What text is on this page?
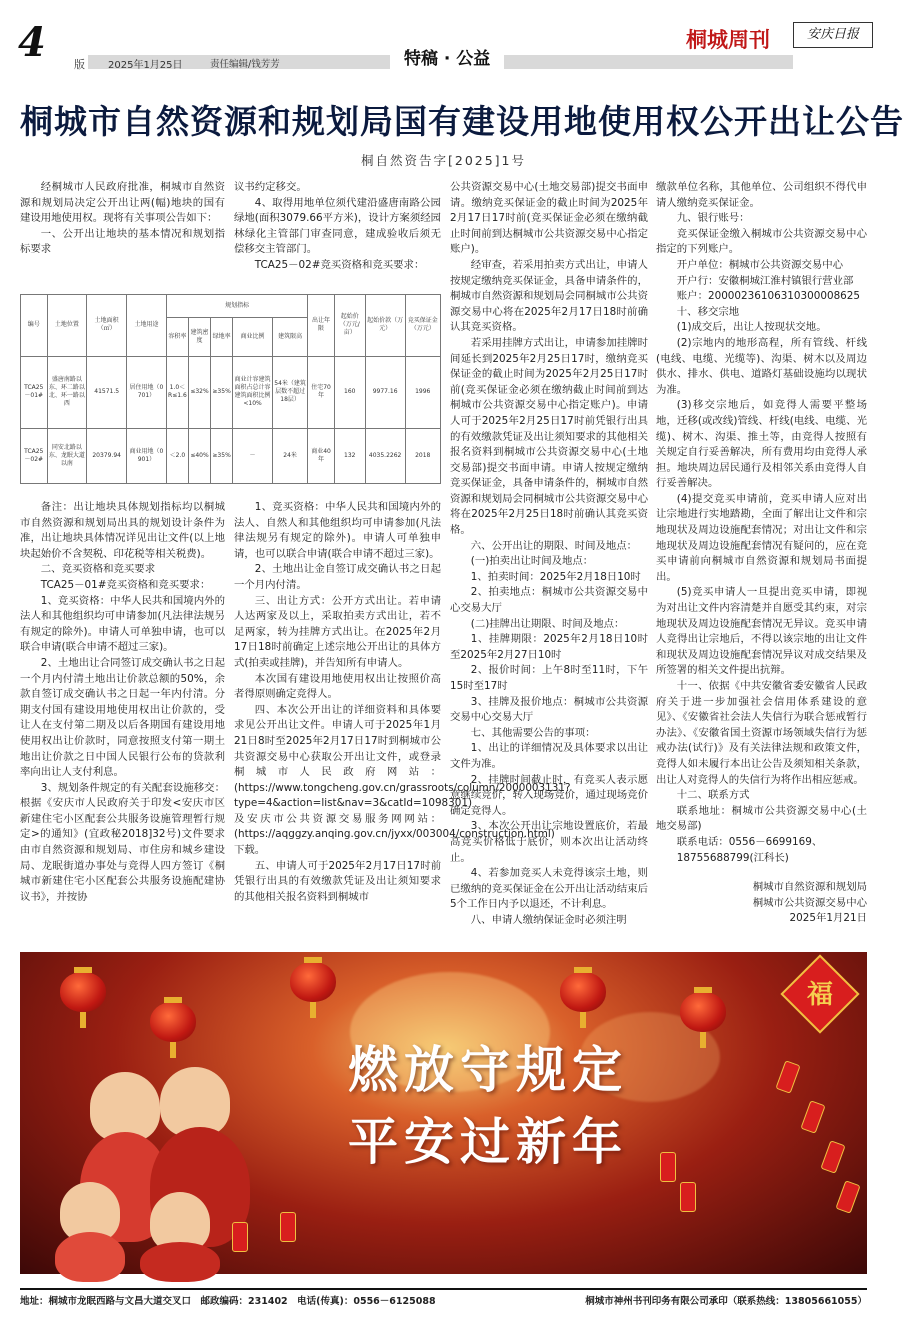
4	版 2025年1月25日	责任编辑/钱芳芳	特稿 · 公益
桐城周刊	安庆日报
桐城市自然资源和规划局国有建设用地使用权公开出让公告
桐自然资告字[2025]1号

经桐城市人民政府批准，桐城市自然资源和规划局决定公开出让两(幅)地块的国有建设用地使用权。现将有关事项公告如下：

一、公开出让地块的基本情况和规划指标要求

议书约定移交。

4、取得用地单位须代建沿盛唐南路公园绿地(面积3079.66平方米)，设计方案须经园林绿化主管部门审查同意，建成验收后须无偿移交主管部门。

TCA25－02#竞买资格和竞买要求：

编号	土地位置	土地面积（㎡）	土地用途	规划指标					出让年限	起始价（万元/亩）	起始价款（万元）	竞买保证金（万元）
				容积率	建筑密度	绿地率	商业比例	建筑限高				
TCA25－01#	盛唐南路以东、环二路以北、环一路以西	41571.5	居住用地（0701）	1.0＜R≤1.6	≤32%	≥35%	商业计容建筑面积占总计容建筑面积比例<10%	54米（建筑层数不超过18层）	住宅70年	160	9977.16	1996
TCA25－02#	同安北路以东、龙眠大道以南	20379.94	商业用地（0901）	＜2.0	≤40%	≥35%	－	24米	商业40年	132	4035.2262	2018

备注：出让地块具体规划指标均以桐城市自然资源和规划局出具的规划设计条件为准，出让地块具体情况详见出让文件(以上地块起始价不含契税、印花税等相关税费)。

二、竞买资格和竞买要求

TCA25－01#竞买资格和竞买要求：

1、竞买资格：中华人民共和国境内外的法人和其他组织均可申请参加(凡法律法规另有规定的除外)。申请人可单独申请，也可以联合申请(联合申请不超过三家)。

2、土地出让合同签订成交确认书之日起一个月内付清土地出让价款总额的50%，余款自签订成交确认书之日起一年内付清。分期支付国有建设用地使用权出让价款的，受让人在支付第二期及以后各期国有建设用地使用权出让价款时，同意按照支付第一期土地出让价款之日中国人民银行公布的贷款利率向出让人支付利息。

3、规划条件规定的有关配套设施移交：根据《安庆市人民政府关于印发<安庆市区新建住宅小区配套公共服务设施管理暂行规定>的通知》(宜政秘2018]32号)文件要求由市自然资源和规划局、市住房和城乡建设局、龙眠街道办事处与竞得人四方签订《桐城市新建住宅小区配套公共服务设施配建协议书》，并按协

1、竞买资格：中华人民共和国境内外的法人、自然人和其他组织均可申请参加(凡法律法规另有规定的除外)。申请人可单独申请，也可以联合申请(联合申请不超过三家)。

2、土地出让金自签订成交确认书之日起一个月内付清。

三、出让方式：公开方式出让。若申请人达两家及以上，采取拍卖方式出让，若不足两家，转为挂牌方式出让。在2025年2月17日18时前确定上述宗地公开出让的具体方式(拍卖或挂牌)，并告知所有申请人。

本次国有建设用地使用权出让按照价高者得原则确定竞得人。

四、本次公开出让的详细资料和具体要求见公开出让文件。申请人可于2025年1月21日8时至2025年2月17日17时到桐城市公共资源交易中心获取公开出让文件，或登录桐城市人民政府网站：(https://www.tongcheng.gov.cn/grassroots/column/2000003131?type=4&action=list&nav=3&catId=1098301)及安庆市公共资源交易服务网网站：(https://aqggzy.anqing.gov.cn/jyxx/003004/construction.html)下载。

五、申请人可于2025年2月17日17时前凭银行出具的有效缴款凭证及出让须知要求的其他相关报名资料到桐城市

公共资源交易中心(土地交易部)提交书面申请。缴纳竞买保证金的截止时间为2025年2月17日17时前(竞买保证金必须在缴纳截止时间前到达桐城市公共资源交易中心指定账户)。

经审查，若采用拍卖方式出让，申请人按规定缴纳竞买保证金，具备申请条件的，桐城市自然资源和规划局会同桐城市公共资源交易中心将在2025年2月17日18时前确认其竞买资格。

若采用挂牌方式出让，申请参加挂牌时间延长到2025年2月25日17时，缴纳竞买保证金的截止时间为2025年2月25日17时前(竞买保证金必须在缴纳截止时间前到达桐城市公共资源交易中心指定账户)。申请人可于2025年2月25日17时前凭银行出具的有效缴款凭证及出让须知要求的其他相关报名资料到桐城市公共资源交易中心(土地交易部)提交书面申请。申请人按规定缴纳竞买保证金，具备申请条件的，桐城市自然资源和规划局会同桐城市公共资源交易中心将在2025年2月25日18时前确认其竞买资格。

六、公开出让的期限、时间及地点：

(一)拍卖出让时间及地点：

1、拍卖时间：2025年2月18日10时

2、拍卖地点：桐城市公共资源交易中心交易大厅

(二)挂牌出让期限、时间及地点：

1、挂牌期限：2025年2月18日10时至2025年2月27日10时

2、报价时间：上午8时至11时，下午15时至17时

3、挂牌及报价地点：桐城市公共资源交易中心交易大厅

七、其他需要公告的事项：

1、出让的详细情况及具体要求以出让文件为准。

2、挂牌时间截止时，有竞买人表示愿意继续竞价，转入现场竞价，通过现场竞价确定竞得人。

3、本次公开出让宗地设置底价，若最高竞买价格低于底价，则本次出让活动终止。

4、若参加竞买人未竞得该宗土地，则已缴纳的竞买保证金在公开出让活动结束后5个工作日内予以退还，不计利息。

八、申请人缴纳保证金时必须注明

缴款单位名称，其他单位、公司组织不得代申请人缴纳竞买保证金。

九、银行账号：

竞买保证金缴入桐城市公共资源交易中心指定的下列账户。

开户单位：桐城市公共资源交易中心

开户行：安徽桐城江淮村镇银行营业部

账户：20000236106310300008625

十、移交宗地

(1)成交后，出让人按现状交地。

(2)宗地内的地形高程，所有管线、杆线(电线、电缆、光缆等)、沟渠、树木以及周边供水、排水、供电、道路灯基础设施均以现状为准。

(3)移交宗地后，如竞得人需要平整场地，迁移(或改线)管线、杆线(电线、电缆、光缆)、树木、沟渠、推土等，由竞得人按照有关规定自行妥善解决，所有费用均由竞得人承担。地块周边居民通行及相邻关系由竞得人自行妥善解决。

(4)提交竞买申请前，竞买申请人应对出让宗地进行实地踏勘，全面了解出让文件和宗地现状及周边设施配套情况；对出让文件和宗地现状及周边设施配套情况有疑问的，应在竞买申请前向桐城市自然资源和规划局书面提出。

(5)竞买申请人一旦提出竞买申请，即视为对出让文件内容清楚并自愿受其约束，对宗地现状及周边设施配套情况无异议。竞买申请人竞得出让宗地后，不得以该宗地的出让文件和现状及周边设施配套情况异议对成交结果及所签署的相关文件提出抗辩。

十一、依据《中共安徽省委安徽省人民政府关于进一步加强社会信用体系建设的意见》、《安徽省社会法人失信行为联合惩戒暂行办法》、《安徽省国土资源市场领域失信行为惩戒办法(试行)》及有关法律法规和政策文件，竞得人如未履行本出让公告及须知相关条款，出让人对竞得人的失信行为将作出相应惩戒。

十二、联系方式

联系地址：桐城市公共资源交易中心(土地交易部)

联系电话：0556－6699169、

18755688799(江科长)

桐城市自然资源和规划局
桐城市公共资源交易中心
2025年1月21日
福
燃放守规定
平安过新年
地址：桐城市龙眠西路与文昌大道交叉口　邮政编码：231402　电话(传真)：0556－6125088	桐城市神州书刊印务有限公司承印（联系热线：13805661055）
